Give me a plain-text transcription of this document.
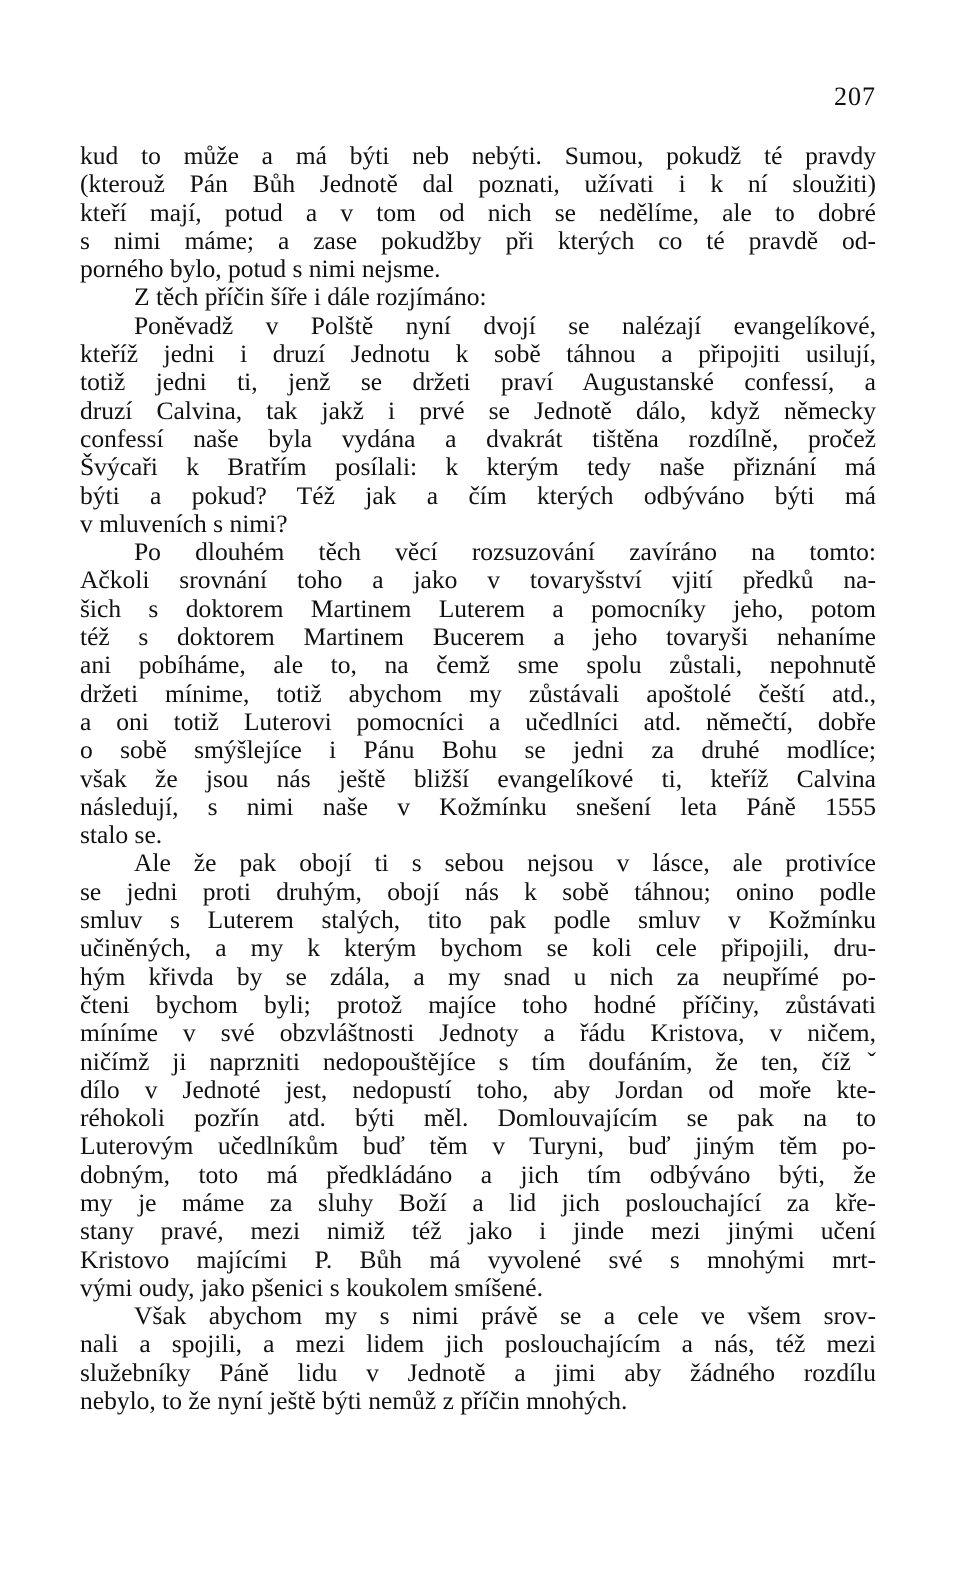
207
kud to může a má býti neb nebýti. Sumou, pokudž té pravdy
(kterouž Pán Bůh Jednotě dal poznati, užívati i k ní sloužiti)
kteří mají, potud a v tom od nich se nedělíme, ale to dobré
s nimi máme; a zase pokudžby při kterých co té pravdě od-
porného bylo, potud s nimi nejsme.
Z těch příčin šíře i dále rozjímáno:
Poněvadž v Polště nyní dvojí se nalézají evangelíkové,
kteříž jedni i druzí Jednotu k sobě táhnou a připojiti usilují,
totiž jedni ti, jenž se držeti praví Augustanské confessí, a
druzí Calvina, tak jakž i prvé se Jednotě dálo, když německy
confessí naše byla vydána a dvakrát tištěna rozdílně, pročež
Švýcaři k Bratřím posílali: k kterým tedy naše přiznání má
býti a pokud? Též jak a čím kterých odbýváno býti má
v mluveních s nimi?
Po dlouhém těch věcí rozsuzování zavíráno na tomto:
Ačkoli srovnání toho a jako v tovaryšství vjití předků na-
šich s doktorem Martinem Luterem a pomocníky jeho, potom
též s doktorem Martinem Bucerem a jeho tovaryši nehaníme
ani pobíháme, ale to, na čemž sme spolu zůstali, nepohnutě
držeti mínime, totiž abychom my zůstávali apoštolé čeští atd.,
a oni totiž Luterovi pomocníci a učedlníci atd. němečtí, dobře
o sobě smýšlejíce i Pánu Bohu se jedni za druhé modlíce;
však že jsou nás ještě bližší evangelíkové ti, kteříž Calvina
následují, s nimi naše v Kožmínku snešení leta Páně 1555
stalo se.
Ale že pak obojí ti s sebou nejsou v lásce, ale protivíce
se jedni proti druhým, obojí nás k sobě táhnou; onino podle
smluv s Luterem stalých, tito pak podle smluv v Kožmínku
učiněných, a my k kterým bychom se koli cele připojili, dru-
hým křivda by se zdála, a my snad u nich za neupřímé po-
čteni bychom byli; protož majíce toho hodné příčiny, zůstávati
míníme v své obzvláštnosti Jednoty a řádu Kristova, v ničem,
ničímž ji naprzniti nedopouštějíce s tím doufáním, že ten, čížˇ
dílo v Jednoté jest, nedopustí toho, aby Jordan od moře kte-
réhokoli pozřín atd. býti měl. Domlouvajícím se pak na to
Luterovým učedlníkům buď těm v Turyni, buď jiným těm po-
dobným, toto má předkládáno a jich tím odbýváno býti, že
my je máme za sluhy Boží a lid jich poslouchající za kře-
stany pravé, mezi nimiž též jako i jinde mezi jinými učení
Kristovo majícími P. Bůh má vyvolené své s mnohými mrt-
vými oudy, jako pšenici s koukolem smíšené.
Však abychom my s nimi právě se a cele ve všem srov-
nali a spojili, a mezi lidem jich poslouchajícím a nás, též mezi
služebníky Páně lidu v Jednotě a jimi aby žádného rozdílu
nebylo, to že nyní ještě býti nemůž z příčin mnohých.
